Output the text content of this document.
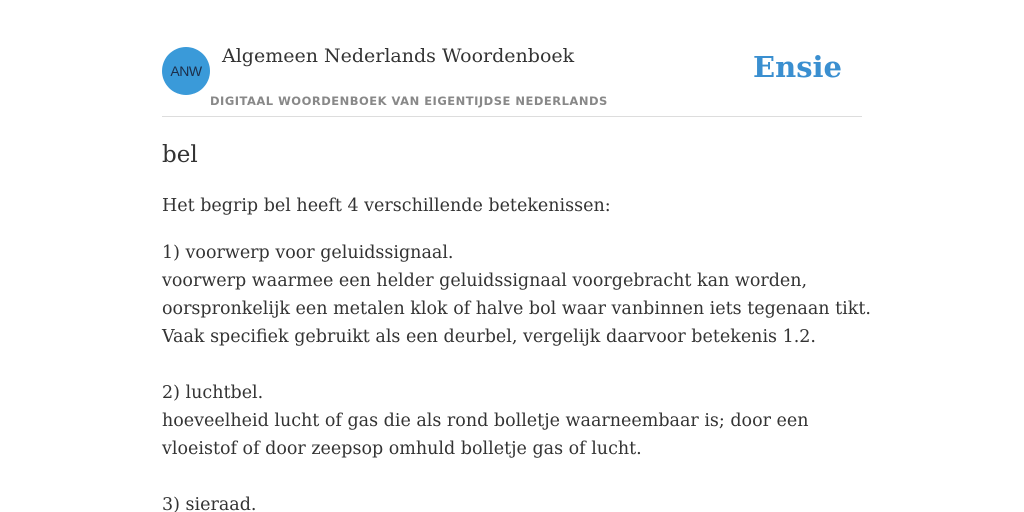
ANW
Algemeen Nederlands Woordenboek
DIGITAAL WOORDENBOEK VAN EIGENTIJDSE NEDERLANDS
Ensie
bel
Het begrip bel heeft 4 verschillende betekenissen:
1) voorwerp voor geluidssignaal.
voorwerp waarmee een helder geluidssignaal voorgebracht kan worden,
oorspronkelijk een metalen klok of halve bol waar vanbinnen iets tegenaan tikt.
Vaak specifiek gebruikt als een deurbel, vergelijk daarvoor betekenis 1.2.
2) luchtbel.
hoeveelheid lucht of gas die als rond bolletje waarneembaar is; door een
vloeistof of door zeepsop omhuld bolletje gas of lucht.
3) sieraad.
